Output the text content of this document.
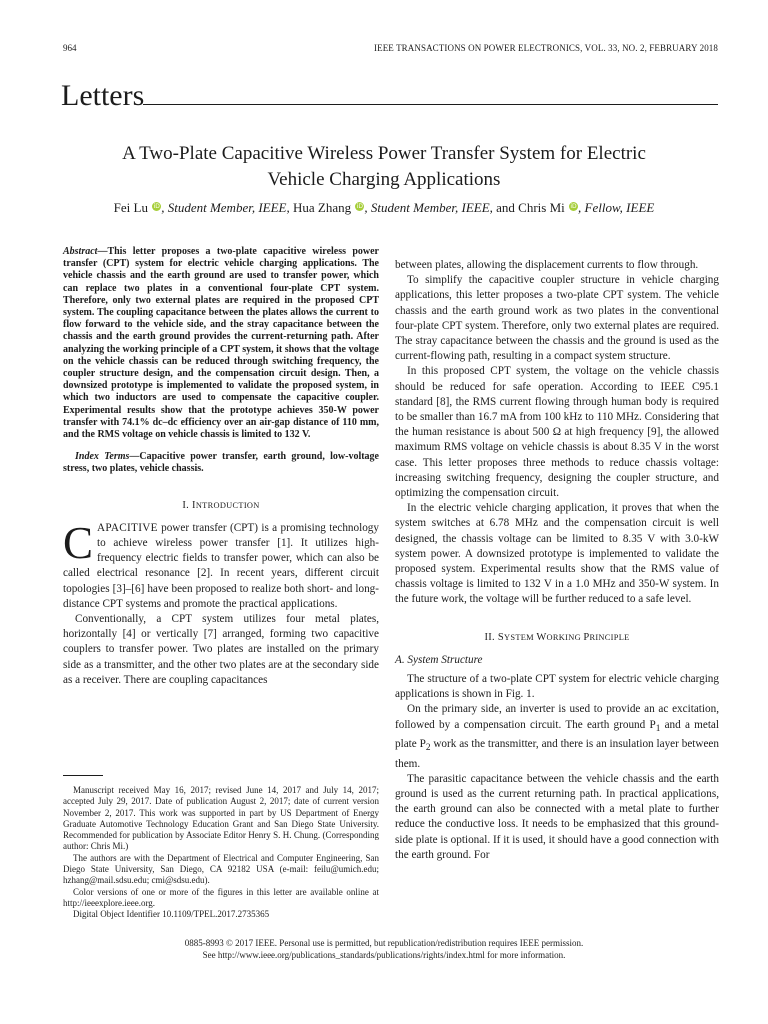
964	IEEE TRANSACTIONS ON POWER ELECTRONICS, VOL. 33, NO. 2, FEBRUARY 2018
Letters
A Two-Plate Capacitive Wireless Power Transfer System for Electric
Vehicle Charging Applications
Fei Lu iD, Student Member, IEEE, Hua Zhang iD, Student Member, IEEE, and Chris Mi iD, Fellow, IEEE

Abstract—This letter proposes a two-plate capacitive wireless power transfer (CPT) system for electric vehicle charging applications. The vehicle chassis and the earth ground are used to transfer power, which can replace two plates in a conventional four-plate CPT system. Therefore, only two external plates are required in the proposed CPT system. The coupling capacitance between the plates allows the current to flow forward to the vehicle side, and the stray capacitance between the chassis and the earth ground provides the current-returning path. After analyzing the working principle of a CPT system, it shows that the voltage on the vehicle chassis can be reduced through switching frequency, the coupler structure design, and the compensation circuit design. Then, a downsized prototype is implemented to validate the proposed system, in which two inductors are used to compensate the capacitive coupler. Experimental results show that the prototype achieves 350-W power transfer with 74.1% dc–dc efficiency over an air-gap distance of 110 mm, and the RMS voltage on vehicle chassis is limited to 132 V.

Index Terms—Capacitive power transfer, earth ground, low-voltage stress, two plates, vehicle chassis.

I. INTRODUCTION

CAPACITIVE power transfer (CPT) is a promising technology to achieve wireless power transfer [1]. It utilizes high-frequency electric fields to transfer power, which can also be called electrical resonance [2]. In recent years, different circuit topologies [3]–[6] have been proposed to realize both short- and long-distance CPT systems and promote the practical applications.

Conventionally, a CPT system utilizes four metal plates, horizontally [4] or vertically [7] arranged, forming two capacitive couplers to transfer power. Two plates are installed on the primary side as a transmitter, and the other two plates are at the secondary side as a receiver. There are coupling capacitances

Manuscript received May 16, 2017; revised June 14, 2017 and July 14, 2017; accepted July 29, 2017. Date of publication August 2, 2017; date of current version November 2, 2017. This work was supported in part by US Department of Energy Graduate Automotive Technology Education Grant and San Diego State University. Recommended for publication by Associate Editor Henry S. H. Chung. (Corresponding author: Chris Mi.)

The authors are with the Department of Electrical and Computer Engineering, San Diego State University, San Diego, CA 92182 USA (e-mail: feilu@umich.edu; hzhang@mail.sdsu.edu; cmi@sdsu.edu).

Color versions of one or more of the figures in this letter are available online at http://ieeexplore.ieee.org.

Digital Object Identifier 10.1109/TPEL.2017.2735365

between plates, allowing the displacement currents to flow through.

To simplify the capacitive coupler structure in vehicle charging applications, this letter proposes a two-plate CPT system. The vehicle chassis and the earth ground work as two plates in the conventional four-plate CPT system. Therefore, only two external plates are required. The stray capacitance between the chassis and the ground is used as the current-flowing path, resulting in a compact system structure.

In this proposed CPT system, the voltage on the vehicle chassis should be reduced for safe operation. According to IEEE C95.1 standard [8], the RMS current flowing through human body is required to be smaller than 16.7 mA from 100 kHz to 110 MHz. Considering that the human resistance is about 500 Ω at high frequency [9], the allowed maximum RMS voltage on vehicle chassis is about 8.35 V in the worst case. This letter proposes three methods to reduce chassis voltage: increasing switching frequency, designing the coupler structure, and optimizing the compensation circuit.

In the electric vehicle charging application, it proves that when the system switches at 6.78 MHz and the compensation circuit is well designed, the chassis voltage can be limited to 8.35 V with 3.0-kW system power. A downsized prototype is implemented to validate the proposed system. Experimental results show that the RMS value of chassis voltage is limited to 132 V in a 1.0 MHz and 350-W system. In the future work, the voltage will be further reduced to a safe level.

II. SYSTEM WORKING PRINCIPLE
A. System Structure

The structure of a two-plate CPT system for electric vehicle charging applications is shown in Fig. 1.

On the primary side, an inverter is used to provide an ac excitation, followed by a compensation circuit. The earth ground $P_1$ and a metal plate $P_2$ work as the transmitter, and there is an insulation layer between them.

The parasitic capacitance between the vehicle chassis and the earth ground is used as the current returning path. In practical applications, the earth ground can also be connected with a metal plate to further reduce the conductive loss. It needs to be emphasized that this ground-side plate is optional. If it is used, it should have a good connection with the earth ground. For

0885-8993 © 2017 IEEE. Personal use is permitted, but republication/redistribution requires IEEE permission.
See http://www.ieee.org/publications_standards/publications/rights/index.html for more information.
